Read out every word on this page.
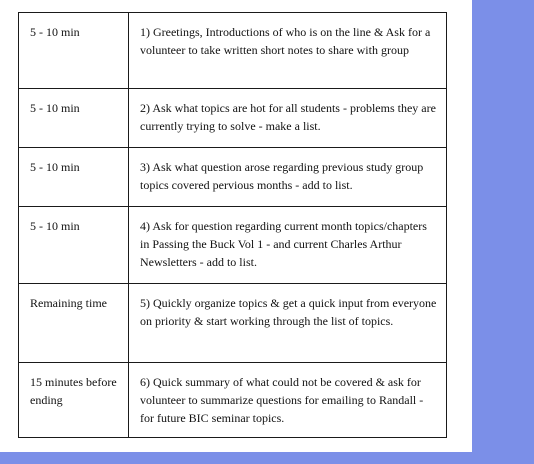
5 - 10 min	1) Greetings, Introductions of who is on the line & Ask for a volunteer to take written short notes to share with group
5 - 10 min	2) Ask what topics are hot for all students - problems they are currently trying to solve - make a list.
5 - 10 min	3) Ask what question arose regarding previous study group topics covered pervious months - add to list.
5 - 10 min	4) Ask for question regarding current month topics/chapters in Passing the Buck Vol 1 - and current Charles Arthur Newsletters - add to list.
Remaining time	5) Quickly organize topics & get a quick input from everyone on priority & start working through the list of topics.
15 minutes before ending	6) Quick summary of what could not be covered & ask for volunteer to summarize questions for emailing to Randall - for future BIC seminar topics.
